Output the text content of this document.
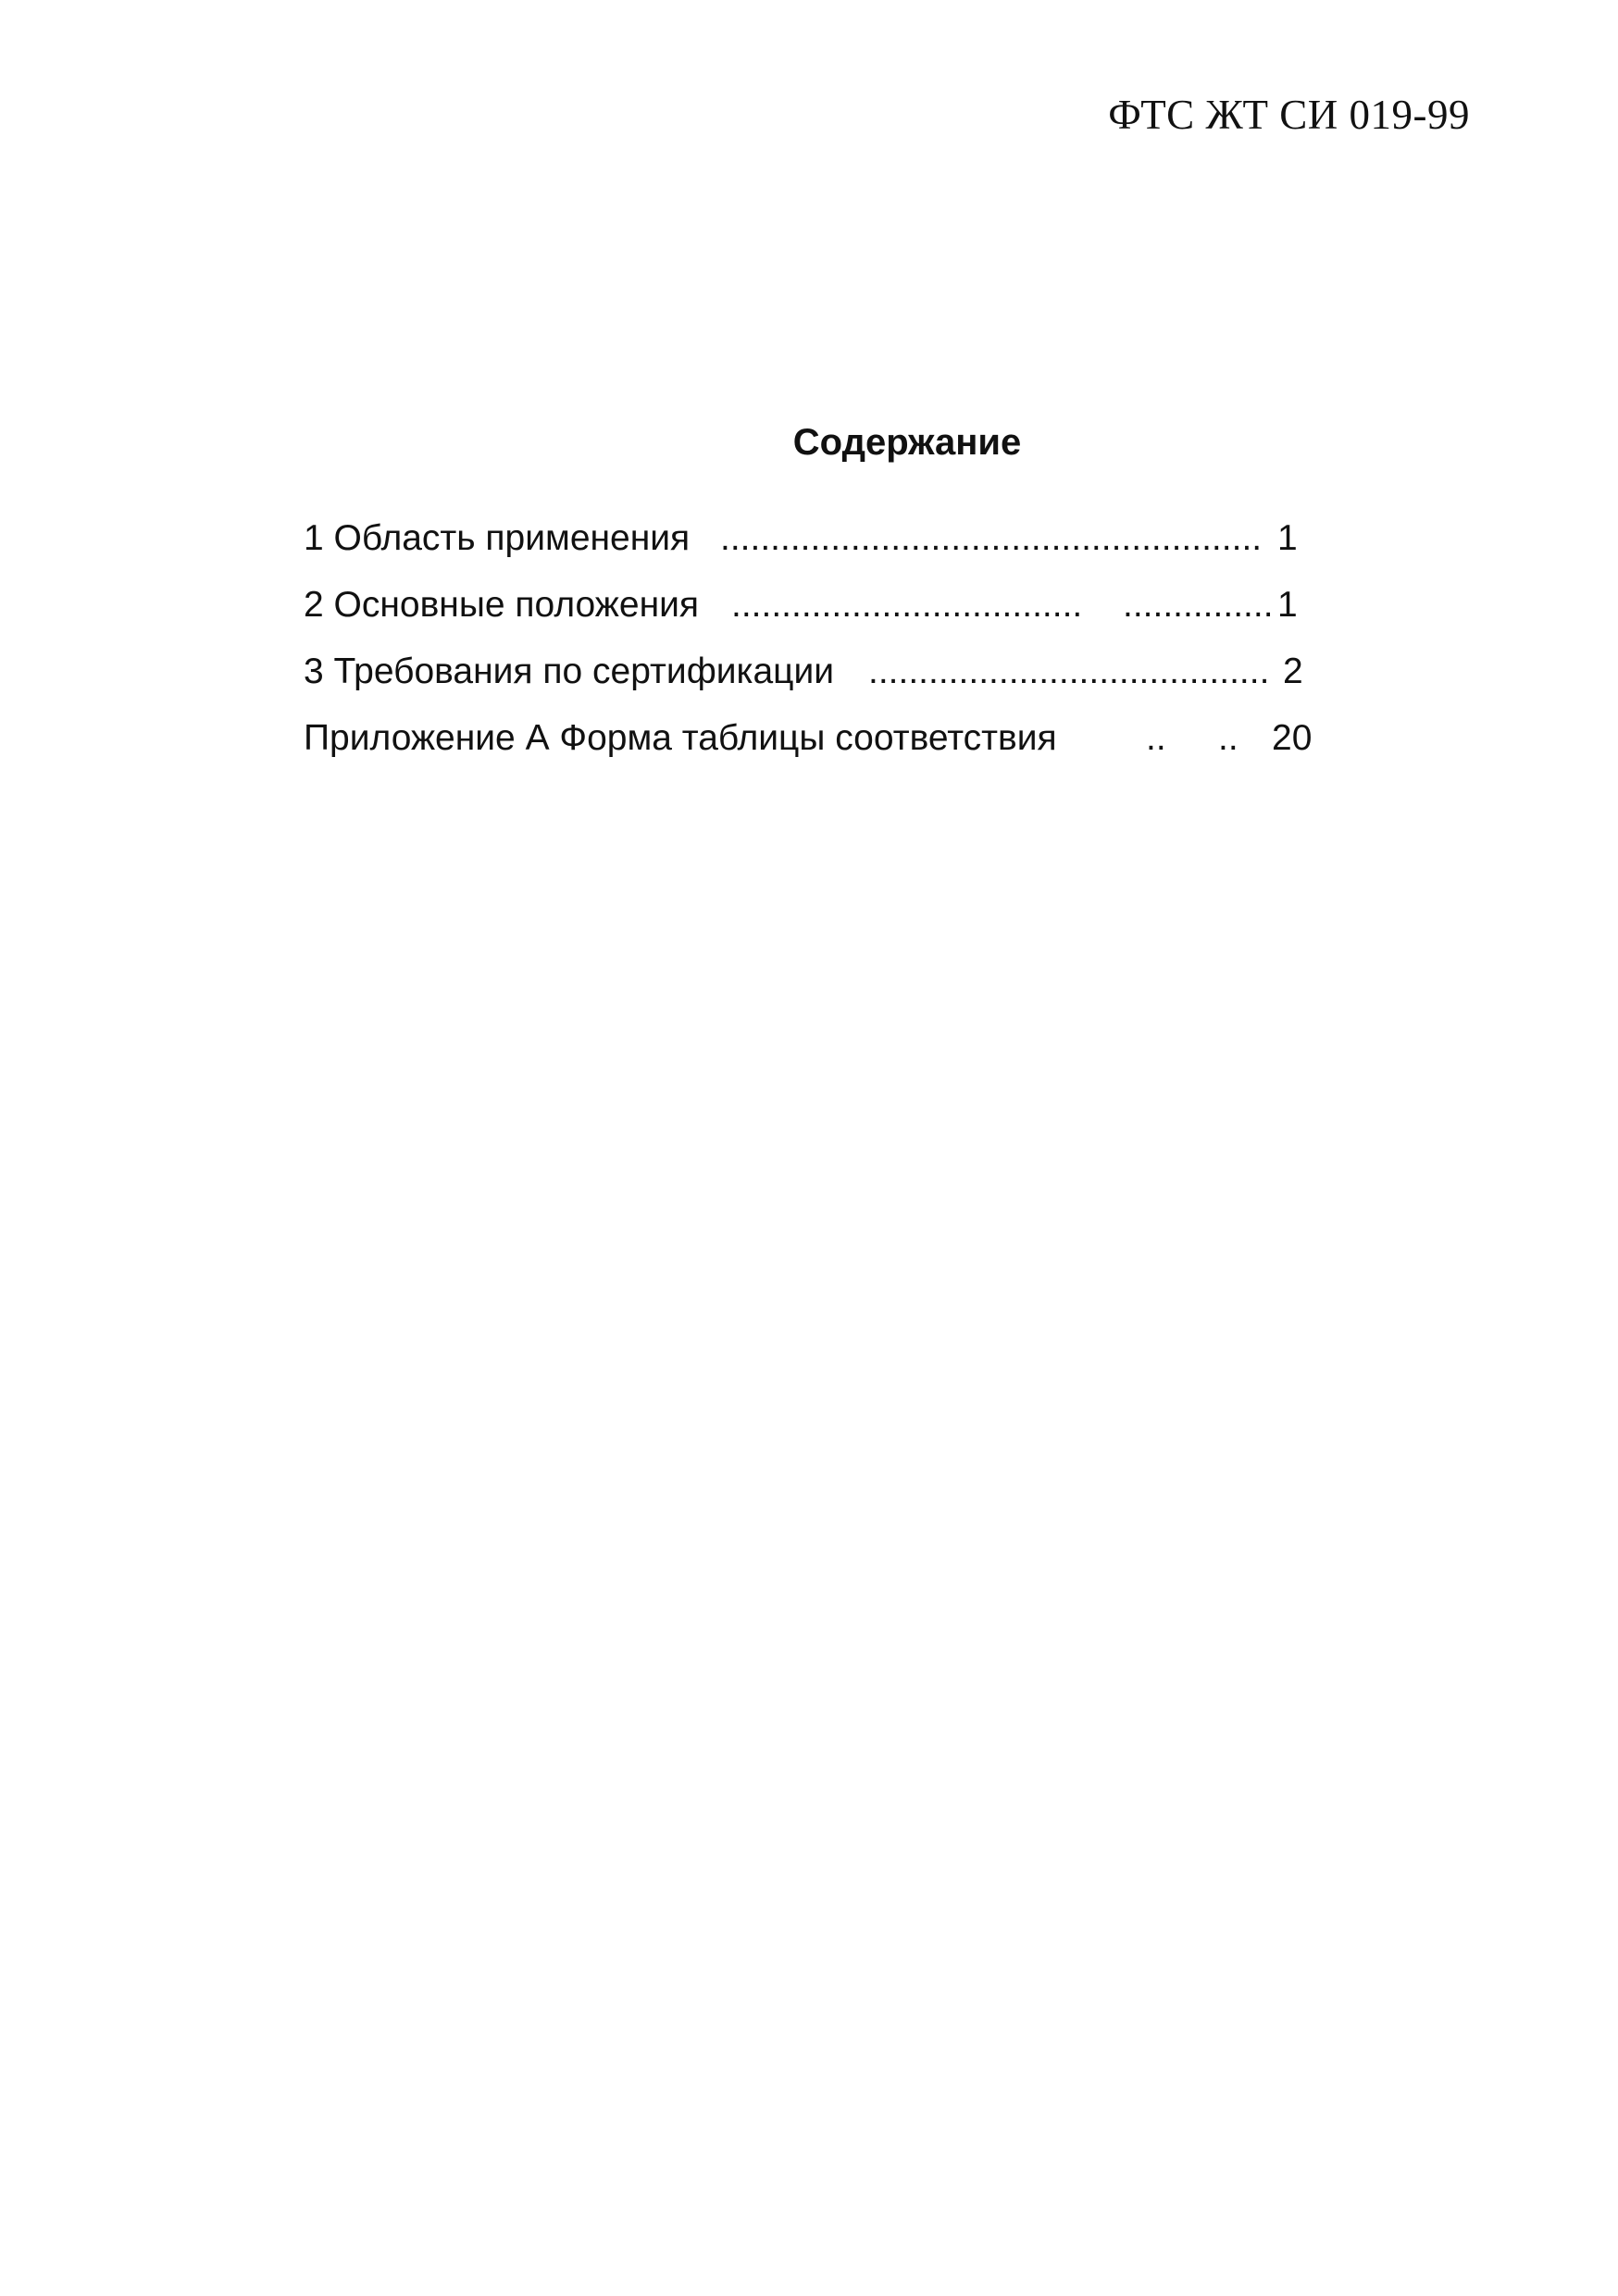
ФТС ЖТ СИ 019-99
Содержание
1 Область применения ...................................................... 1
2 Основные положения ................................... ............... 1
3 Требования по сертификации ........................................ 2
Приложение А Форма таблицы соответствия .. .. 20
